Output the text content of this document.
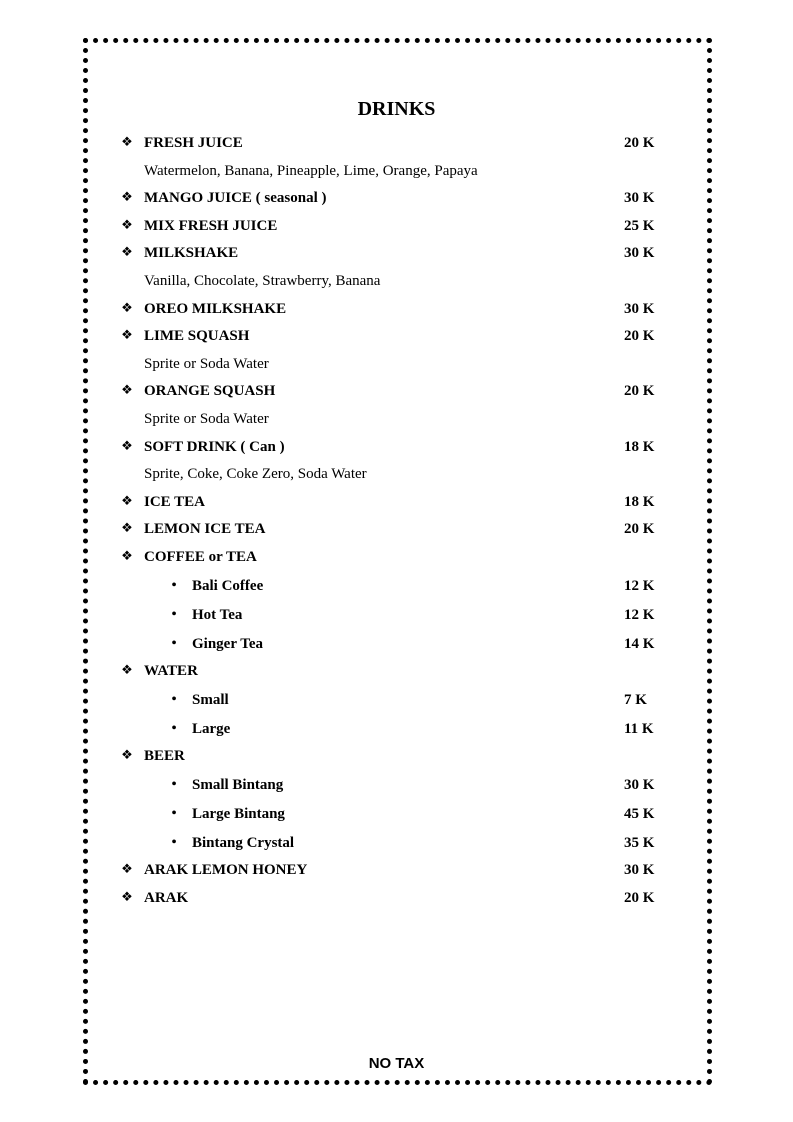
DRINKS
❖ FRESH JUICE	20 K
Watermelon, Banana, Pineapple, Lime, Orange, Papaya
❖ MANGO JUICE ( seasonal )	30 K
❖ MIX FRESH JUICE	25 K
❖ MILKSHAKE	30 K
Vanilla, Chocolate, Strawberry, Banana
❖ OREO MILKSHAKE	30 K
❖ LIME SQUASH	20 K
Sprite or Soda Water
❖ ORANGE SQUASH	20 K
Sprite or Soda Water
❖ SOFT DRINK ( Can )	18 K
Sprite, Coke, Coke Zero, Soda Water
❖ ICE TEA	18 K
❖ LEMON ICE TEA	20 K
❖ COFFEE or TEA
• Bali Coffee	12 K
• Hot Tea	12 K
• Ginger Tea	14 K
❖ WATER
• Small	7 K
• Large	11 K
❖ BEER
• Small Bintang	30 K
• Large Bintang	45 K
• Bintang Crystal	35 K
❖ ARAK LEMON HONEY	30 K
❖ ARAK	20 K
NO TAX
